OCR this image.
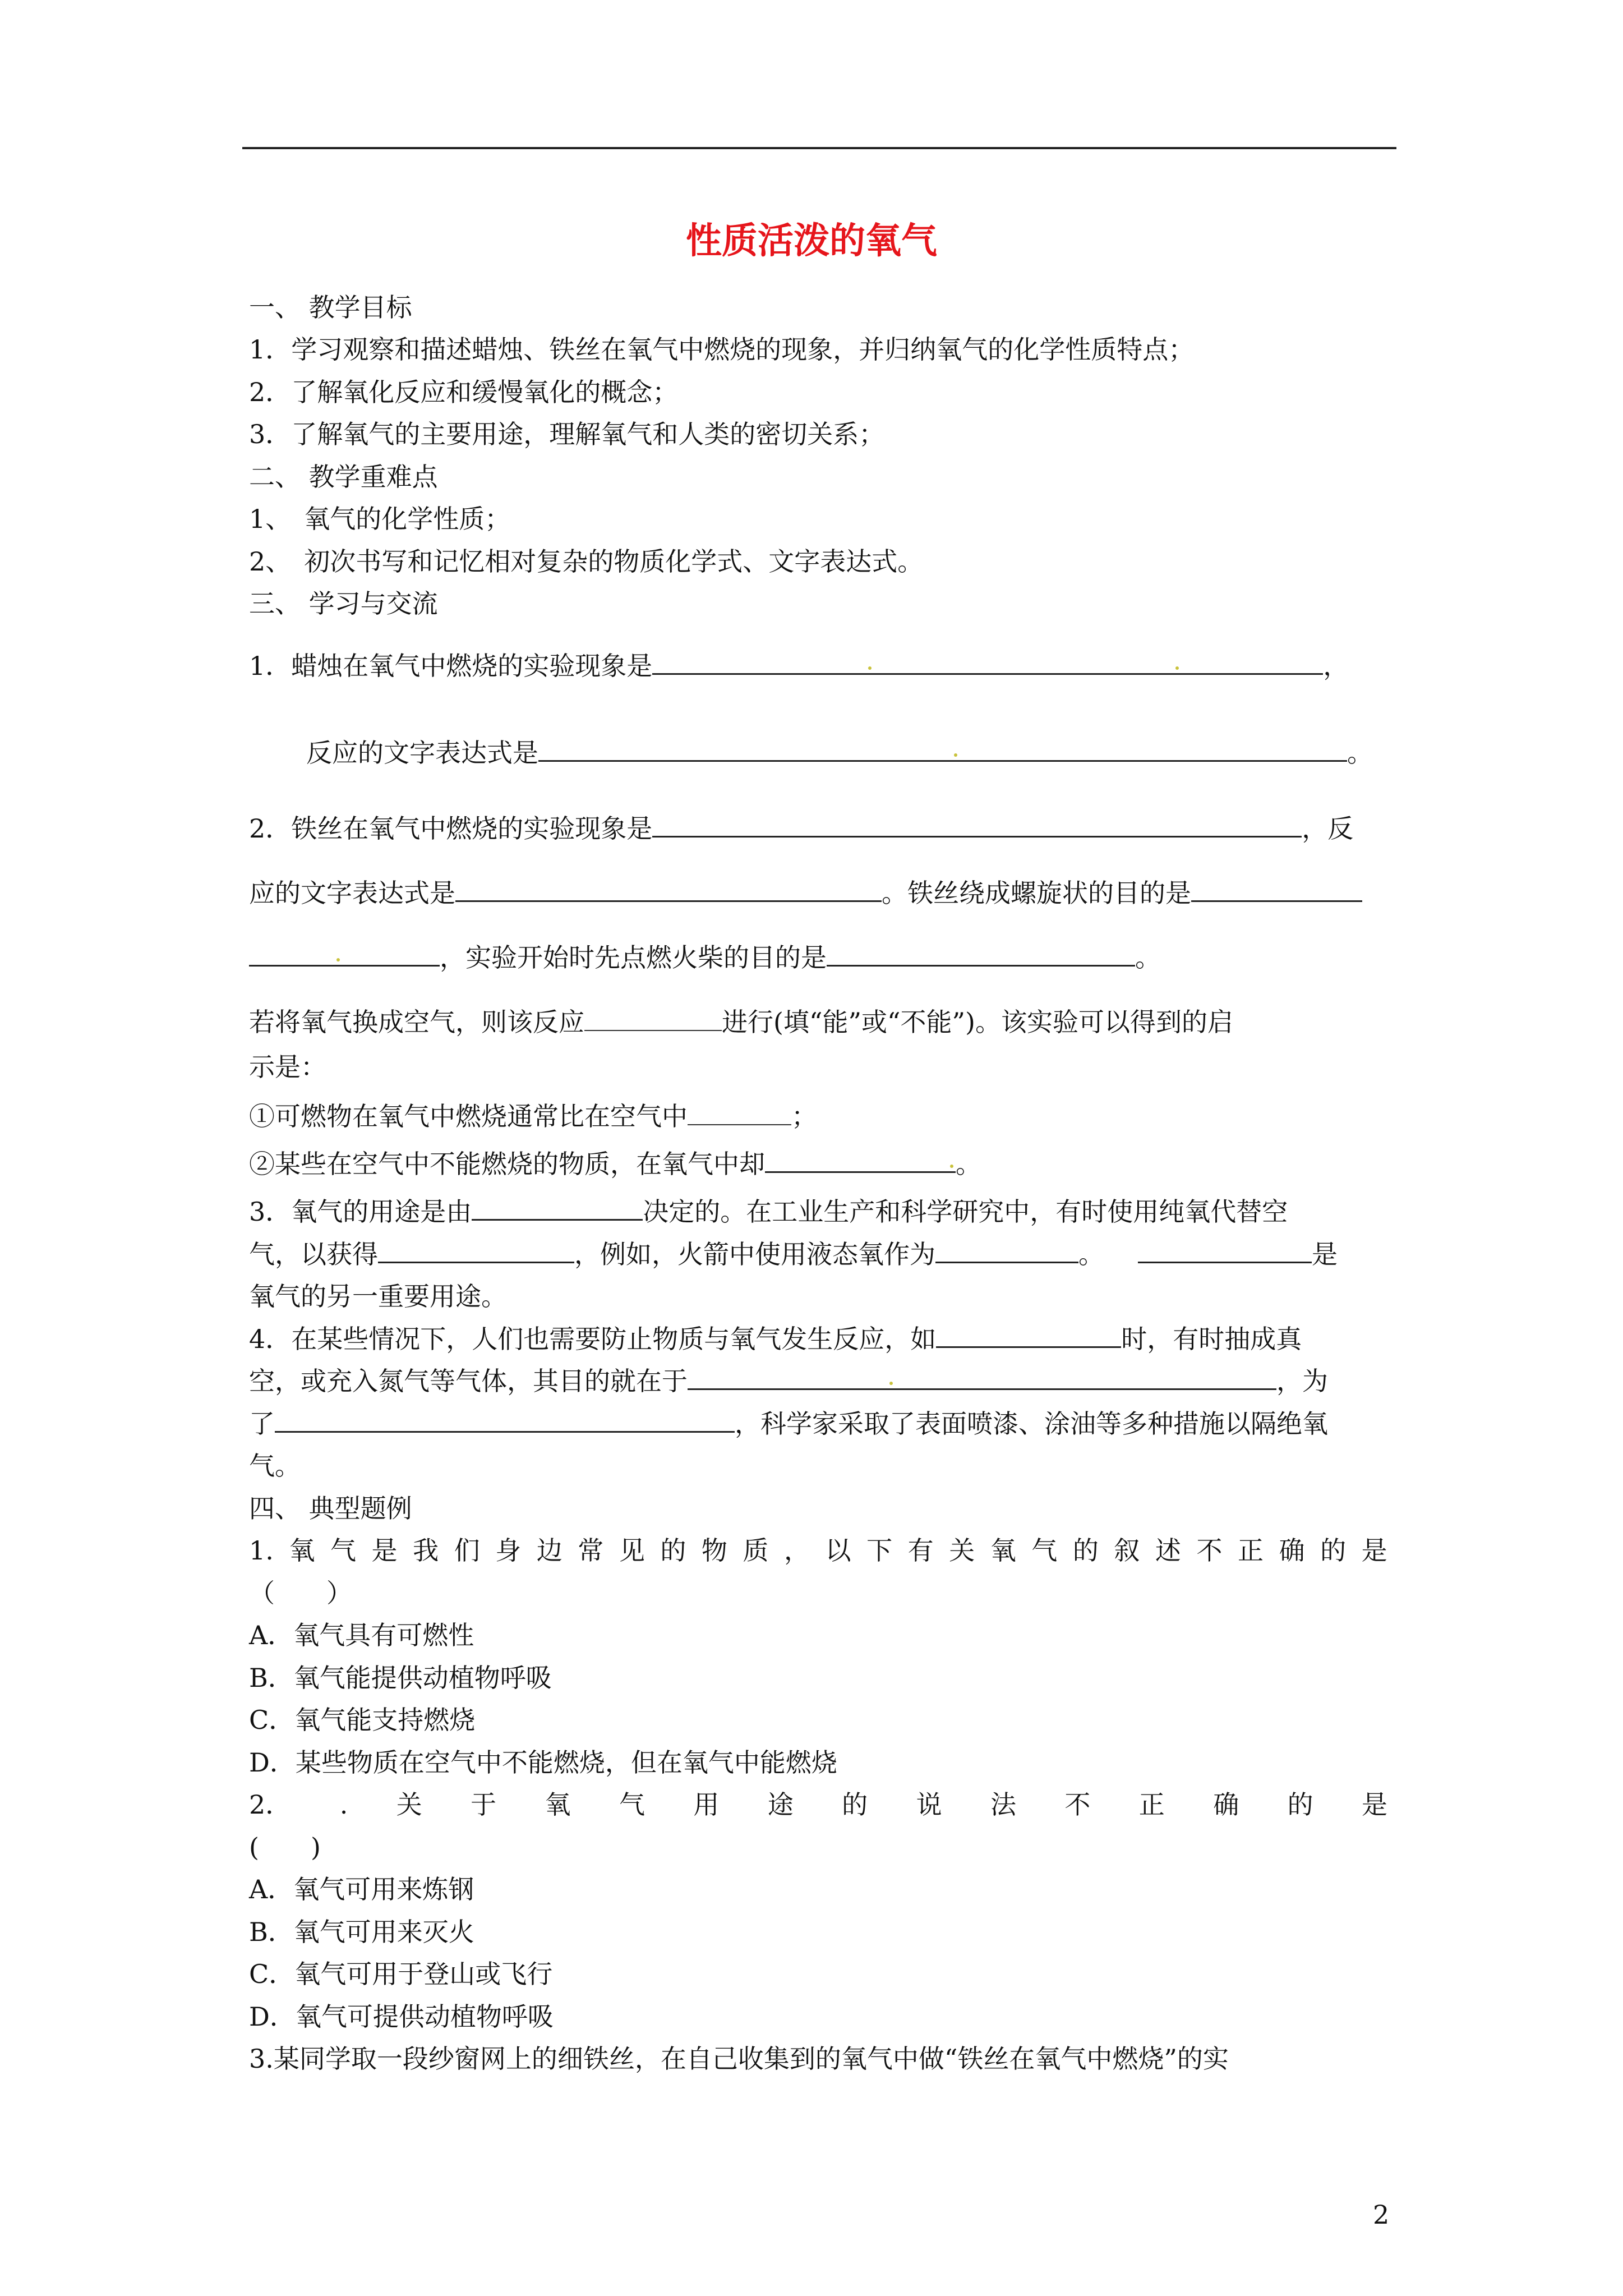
性质活泼的氧气

一、 教学目标

1．学习观察和描述蜡烛、铁丝在氧气中燃烧的现象，并归纳氧气的化学性质特点；

2．了解氧化反应和缓慢氧化的概念；

3．了解氧气的主要用途，理解氧气和人类的密切关系；

二、 教学重难点

1、　氧气的化学性质；

2、　初次书写和记忆相对复杂的物质化学式、文字表达式。

三、 学习与交流

1．蜡烛在氧气中燃烧的实验现象是	，

反应的文字表达式是	。

2．铁丝在氧气中燃烧的实验现象是	，反

应的文字表达式是	。铁丝绕成螺旋状的目的是

，实验开始时先点燃火柴的目的是	。

若将氧气换成空气，则该反应	进行(填“能”或“不能”)。该实验可以得到的启

示是：

①可燃物在氧气中燃烧通常比在空气中	；

②某些在空气中不能燃烧的物质，在氧气中却	。

3．氧气的用途是由	决定的。在工业生产和科学研究中，有时使用纯氧代替空

气，以获得	，例如，火箭中使用液态氧作为	。	是

氧气的另一重要用途。

4．在某些情况下，人们也需要防止物质与氧气发生反应，如	时，有时抽成真

空，或充入氮气等气体，其目的就在于	，为

了	，科学家采取了表面喷漆、涂油等多种措施以隔绝氧

气。

四、 典型题例

1. 氧 气 是 我 们 身 边 常 见 的 物 质 ， 以 下 有 关 氧 气 的 叙 述 不 正 确 的 是

（　　）

A．氧气具有可燃性

B．氧气能提供动植物呼吸

C．氧气能支持燃烧

D．某些物质在空气中不能燃烧，但在氧气中能燃烧

2． . 关 于 氧 气 用 途 的 说 法 不 正 确 的 是

(　　)

A．氧气可用来炼钢

B．氧气可用来灭火

C．氧气可用于登山或飞行

D．氧气可提供动植物呼吸

3.某同学取一段纱窗网上的细铁丝，在自己收集到的氧气中做“铁丝在氧气中燃烧”的实

2
